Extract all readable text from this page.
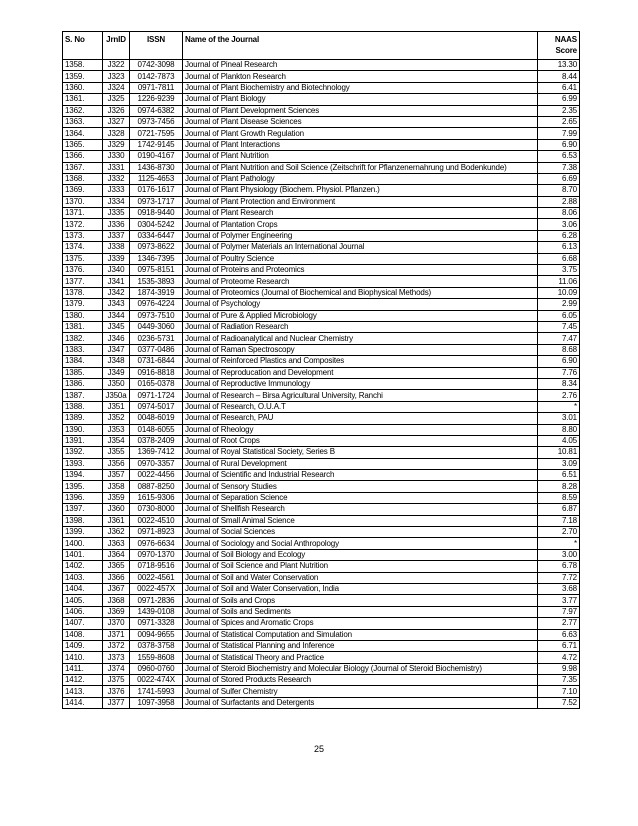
S. No	JrnID	ISSN	Name of the Journal	NAAS
Score

1358.	J322	0742-3098	Journal of Pineal Research	13.30
1359.	J323	0142-7873	Journal of Plankton Research	8.44
1360.	J324	0971-7811	Journal of Plant Biochemistry and Biotechnology	6.41
1361.	J325	1226-9239	Journal of Plant Biology	6.99
1362.	J326	0974-6382	Journal of Plant Development Sciences	2.35
1363.	J327	0973-7456	Journal of Plant Disease Sciences	2.65
1364.	J328	0721-7595	Journal of Plant Growth Regulation	7.99
1365.	J329	1742-9145	Journal of Plant Interactions	6.90
1366.	J330	0190-4167	Journal of Plant Nutrition	6.53
1367.	J331	1436-8730	Journal of Plant Nutrition and Soil Science (Zeitschrift for Pflanzenernahrung und Bodenkunde)	7.38
1368.	J332	1125-4653	Journal of Plant Pathology	6.69
1369.	J333	0176-1617	Journal of Plant Physiology (Biochem. Physiol. Pflanzen.)	8.70
1370.	J334	0973-1717	Journal of Plant Protection and Environment	2.88
1371.	J335	0918-9440	Journal of Plant Research	8.06
1372.	J336	0304-5242	Journal of Plantation Crops	3.06
1373.	J337	0334-6447	Journal of Polymer Engineering	6.28
1374.	J338	0973-8622	Journal of Polymer Materials an International Journal	6.13
1375.	J339	1346-7395	Journal of Poultry Science	6.68
1376.	J340	0975-8151	Journal of Proteins and Proteomics	3.75
1377.	J341	1535-3893	Journal of Proteome Research	11.06
1378.	J342	1874-3919	Journal of Proteomics (Journal of Biochemical and Biophysical Methods)	10.09
1379.	J343	0976-4224	Journal of Psychology	2.99
1380.	J344	0973-7510	Journal of Pure & Applied Microbiology	6.05
1381.	J345	0449-3060	Journal of Radiation Research	7.45
1382.	J346	0236-5731	Journal of Radioanalytical and Nuclear Chemistry	7.47
1383.	J347	0377-0486	Journal of Raman Spectroscopy	8.68
1384.	J348	0731-6844	Journal of Reinforced Plastics and Composites	6.90
1385.	J349	0916-8818	Journal of Reproducation and Development	7.76
1386.	J350	0165-0378	Journal of Reproductive Immunology	8.34
1387.	J350a	0971-1724	Journal of Research – Birsa Agricultural University, Ranchi	2.76
1388.	J351	0974-5017	Journal of Research, O.U.A.T	*
1389.	J352	0048-6019	Journal of Research, PAU	3.01
1390.	J353	0148-6055	Journal of Rheology	8.80
1391.	J354	0378-2409	Journal of Root Crops	4.05
1392.	J355	1369-7412	Journal of Royal Statistical Society, Series B	10.81
1393.	J356	0970-3357	Journal of Rural Development	3.09
1394.	J357	0022-4456	Journal of Scientific and Industrial Research	6.51
1395.	J358	0887-8250	Journal of Sensory Studies	8.28
1396.	J359	1615-9306	Journal of Separation Science	8.59
1397.	J360	0730-8000	Journal of Shellfish Research	6.87
1398.	J361	0022-4510	Journal of Small Animal Science	7.18
1399.	J362	0971-8923	Journal of Social Sciences	2.70
1400.	J363	0976-6634	Journal of Sociology and Social Anthropology	*
1401.	J364	0970-1370	Journal of Soil Biology and Ecology	3.00
1402.	J365	0718-9516	Journal of Soil Science and Plant Nutrition	6.78
1403.	J366	0022-4561	Journal of Soil and Water Conservation	7.72
1404.	J367	0022-457X	Journal of Soil and Water Conservation, India	3.68
1405.	J368	0971-2836	Journal of Soils and Crops	3.77
1406.	J369	1439-0108	Journal of Soils and Sediments	7.97
1407.	J370	0971-3328	Journal of Spices and Aromatic Crops	2.77
1408.	J371	0094-9655	Journal of Statistical Computation and Simulation	6.63
1409.	J372	0378-3758	Journal of Statistical Planning and Inference	6.71
1410.	J373	1559-8608	Journal of Statistical Theory and Practice	4.72
1411.	J374	0960-0760	Journal of Steroid Biochemistry and Molecular Biology (Journal of Steroid Biochemistry)	9.98
1412.	J375	0022-474X	Journal of Stored Products Research	7.35
1413.	J376	1741-5993	Journal of Sulfer Chemistry	7.10
1414.	J377	1097-3958	Journal of Surfactants and Detergents	7.52
25
